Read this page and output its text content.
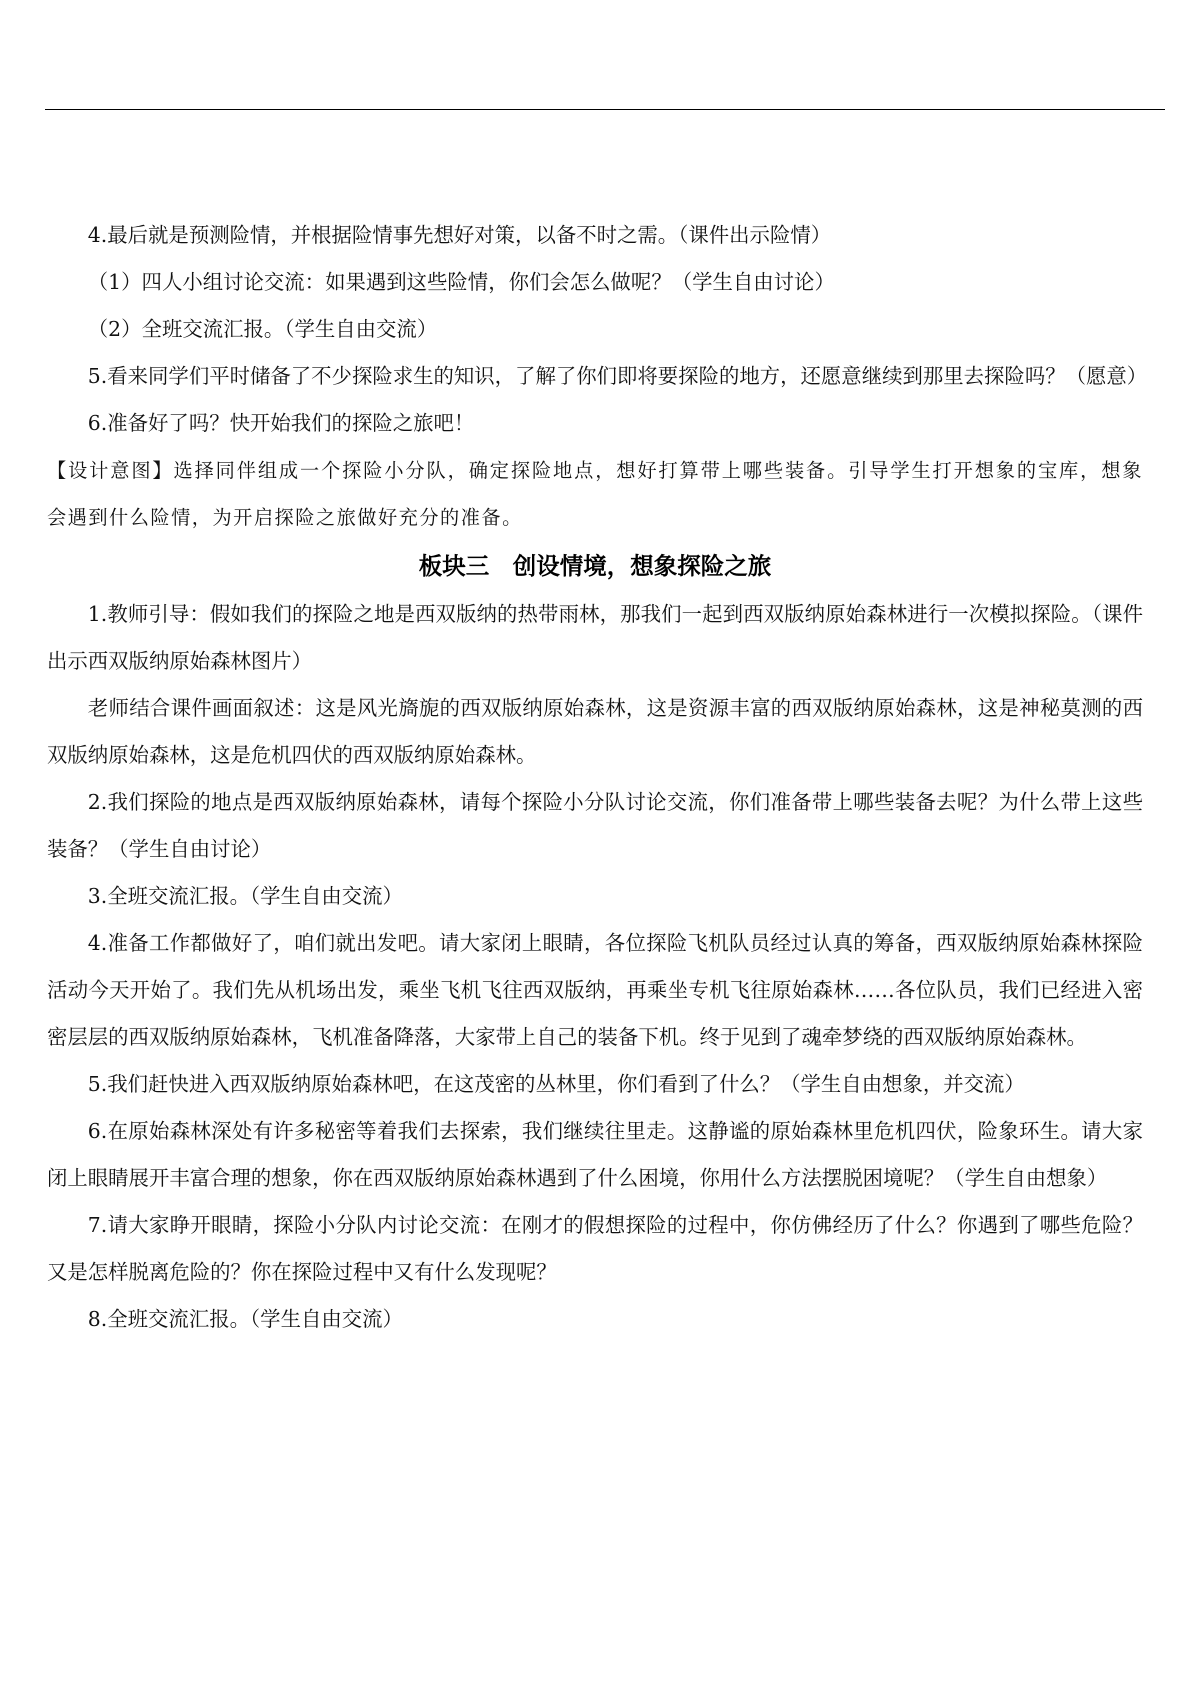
4.最后就是预测险情，并根据险情事先想好对策，以备不时之需。（课件出示险情）

（1）四人小组讨论交流：如果遇到这些险情，你们会怎么做呢？（学生自由讨论）

（2）全班交流汇报。（学生自由交流）

5.看来同学们平时储备了不少探险求生的知识，了解了你们即将要探险的地方，还愿意继续到那里去探险吗？（愿意）

6.准备好了吗？快开始我们的探险之旅吧！

【设计意图】选择同伴组成一个探险小分队，确定探险地点，想好打算带上哪些装备。引导学生打开想象的宝库，想象会遇到什么险情，为开启探险之旅做好充分的准备。

板块三　创设情境，想象探险之旅

1.教师引导：假如我们的探险之地是西双版纳的热带雨林，那我们一起到西双版纳原始森林进行一次模拟探险。（课件出示西双版纳原始森林图片）

老师结合课件画面叙述：这是风光旖旎的西双版纳原始森林，这是资源丰富的西双版纳原始森林，这是神秘莫测的西双版纳原始森林，这是危机四伏的西双版纳原始森林。

2.我们探险的地点是西双版纳原始森林，请每个探险小分队讨论交流，你们准备带上哪些装备去呢？为什么带上这些装备？（学生自由讨论）

3.全班交流汇报。（学生自由交流）

4.准备工作都做好了，咱们就出发吧。请大家闭上眼睛，各位探险飞机队员经过认真的筹备，西双版纳原始森林探险活动今天开始了。我们先从机场出发，乘坐飞机飞往西双版纳，再乘坐专机飞往原始森林……各位队员，我们已经进入密密层层的西双版纳原始森林，飞机准备降落，大家带上自己的装备下机。终于见到了魂牵梦绕的西双版纳原始森林。

5.我们赶快进入西双版纳原始森林吧，在这茂密的丛林里，你们看到了什么？（学生自由想象，并交流）

6.在原始森林深处有许多秘密等着我们去探索，我们继续往里走。这静谧的原始森林里危机四伏，险象环生。请大家闭上眼睛展开丰富合理的想象，你在西双版纳原始森林遇到了什么困境，你用什么方法摆脱困境呢？（学生自由想象）

7.请大家睁开眼睛，探险小分队内讨论交流：在刚才的假想探险的过程中，你仿佛经历了什么？你遇到了哪些危险？又是怎样脱离危险的？你在探险过程中又有什么发现呢？

8.全班交流汇报。（学生自由交流）
